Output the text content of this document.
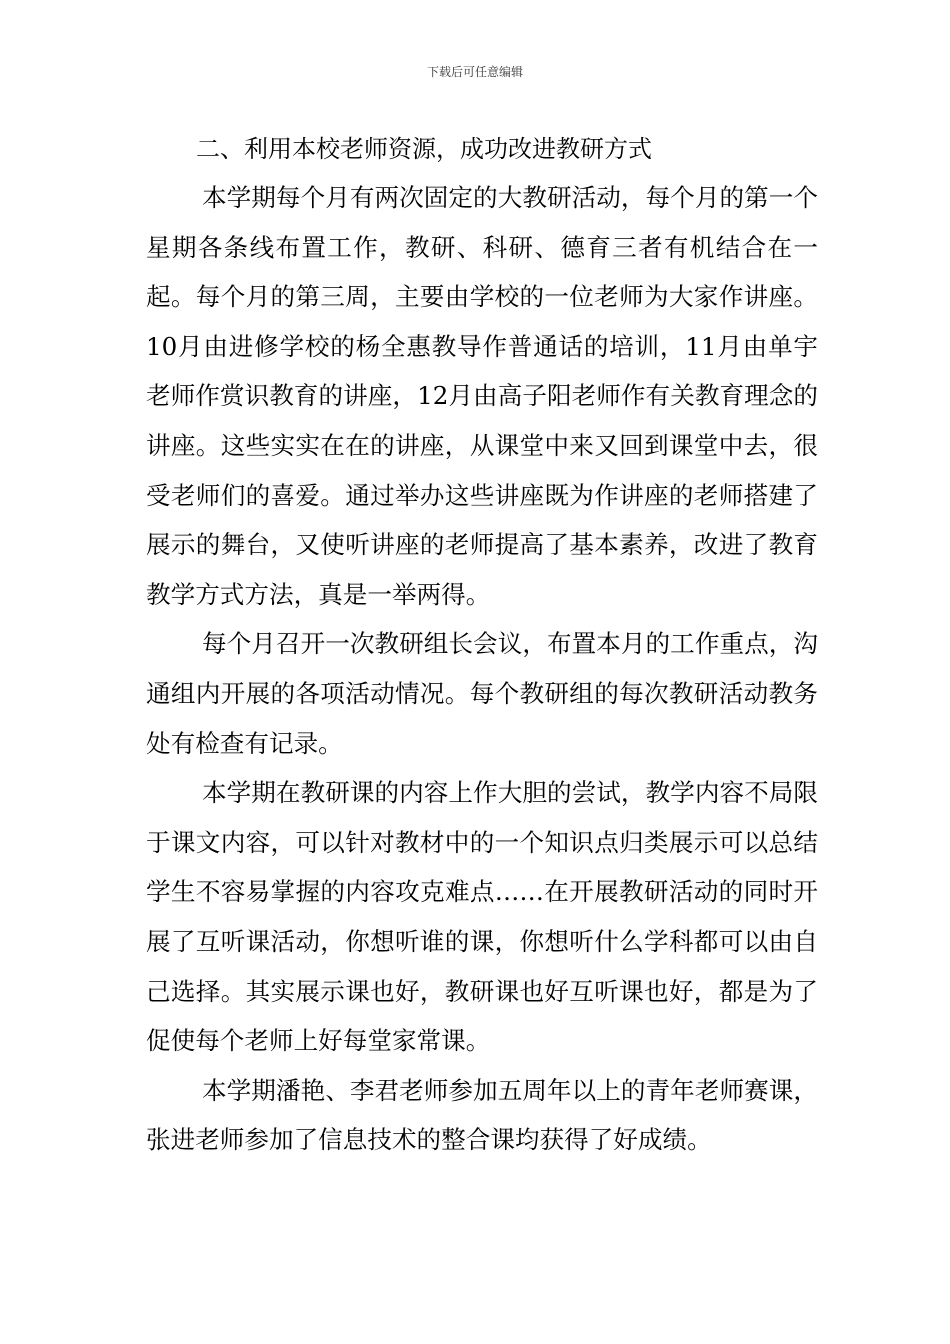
下载后可任意编辑
二、利用本校老师资源，成功改进教研方式

本学期每个月有两次固定的大教研活动，每个月的第一个星期各条线布置工作，教研、科研、德育三者有机结合在一起。每个月的第三周，主要由学校的一位老师为大家作讲座。10月由进修学校的杨全惠教导作普通话的培训，11月由单宇老师作赏识教育的讲座，12月由高子阳老师作有关教育理念的讲座。这些实实在在的讲座，从课堂中来又回到课堂中去，很受老师们的喜爱。通过举办这些讲座既为作讲座的老师搭建了展示的舞台，又使听讲座的老师提高了基本素养，改进了教育教学方式方法，真是一举两得。

每个月召开一次教研组长会议，布置本月的工作重点，沟通组内开展的各项活动情况。每个教研组的每次教研活动教务处有检查有记录。

本学期在教研课的内容上作大胆的尝试，教学内容不局限于课文内容，可以针对教材中的一个知识点归类展示可以总结学生不容易掌握的内容攻克难点……在开展教研活动的同时开展了互听课活动，你想听谁的课，你想听什么学科都可以由自己选择。其实展示课也好，教研课也好互听课也好，都是为了促使每个老师上好每堂家常课。

本学期潘艳、李君老师参加五周年以上的青年老师赛课，张进老师参加了信息技术的整合课均获得了好成绩。
